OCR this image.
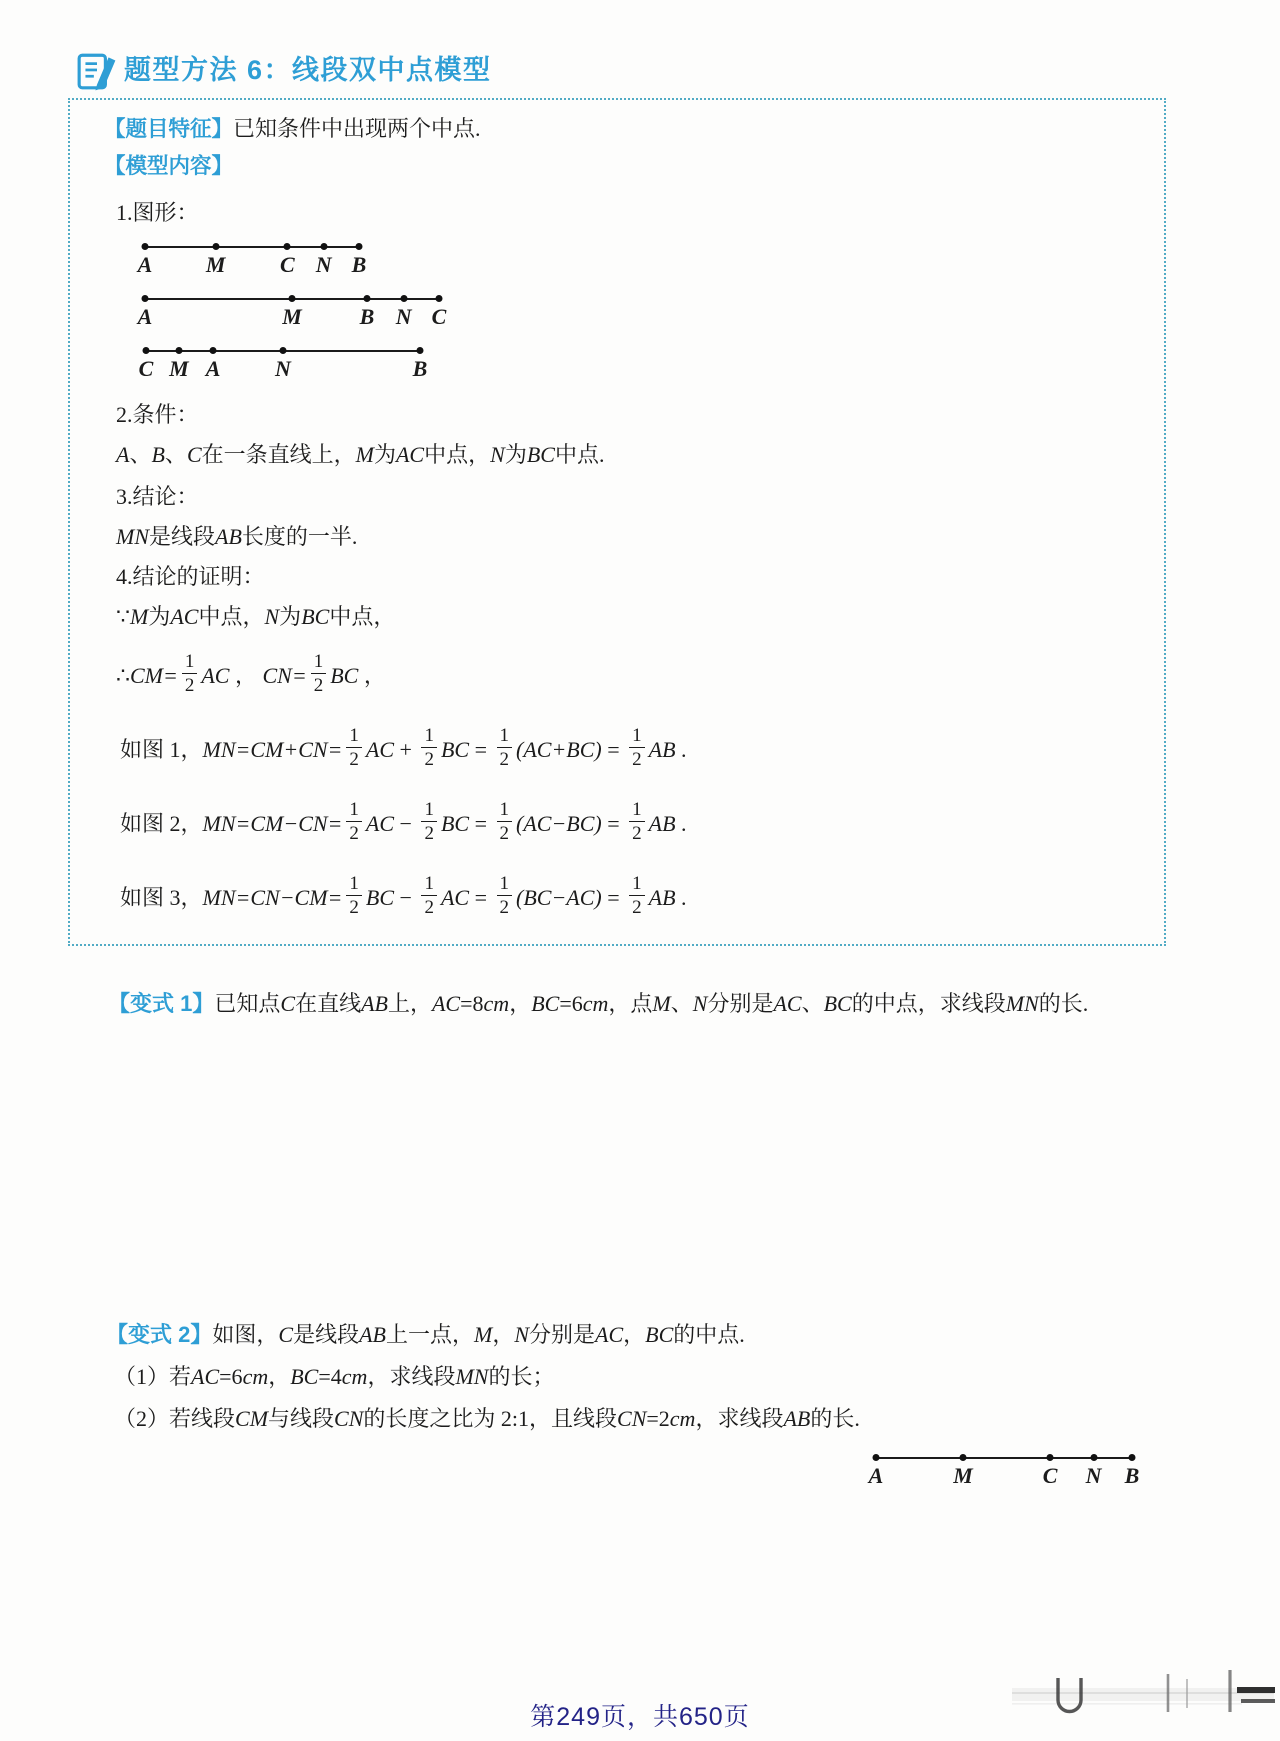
题型方法 6：线段双中点模型

【题目特征】已知条件中出现两个中点.

【模型内容】

1.图形：

A M C N B
A	M	B N C
C M A N	B

2.条件：

A、B、C在一条直线上，M为AC中点，N为BC中点.

3.结论：

MN是线段AB长度的一半.

4.结论的证明：

∵M为AC中点，N为BC中点，

∴CM= $\frac{1}{2}$ AC ， $CN= \frac{1}{2}$ BC ，

如图 1，$MN=CM+CN= \frac{1}{2}$ AC + $\frac{1}{2}$ BC = $\frac{1}{2} (AC+BC) = \frac{1}{2}$ AB .

如图 2，$MN=CM-CN= \frac{1}{2}$ AC − $\frac{1}{2}$ BC = $\frac{1}{2} (AC-BC) = \frac{1}{2}$ AB .

如图 3，$MN=CN-CM= \frac{1}{2}$ BC − $\frac{1}{2}$ AC = $\frac{1}{2} (BC-AC) = \frac{1}{2}$ AB .

【变式 1】已知点C在直线AB上，AC=8cm，BC=6cm，点M、N分别是AC、BC的中点，求线段MN的长.

【变式 2】如图，C是线段AB上一点，M，N分别是AC，BC的中点.

（1）若AC=6cm，BC=4cm，求线段MN的长；

（2）若线段CM与线段CN的长度之比为 2:1，且线段CN=2cm，求线段AB的长.

A	M	C N B

第249页，共650页
